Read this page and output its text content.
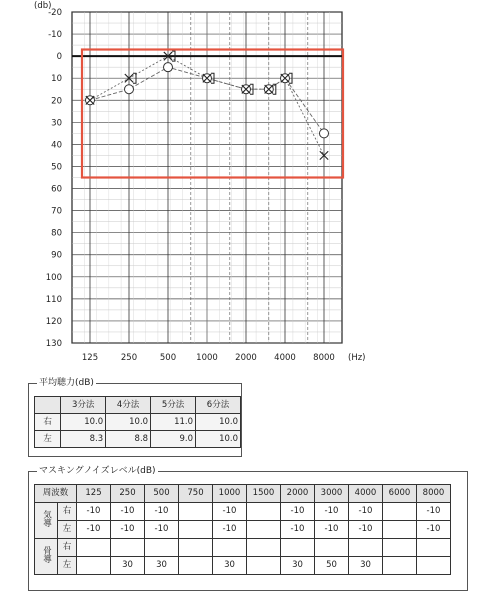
-20
-10
0
10
20
30
40
50
60
70
80
90
100
110
120
130
(db)
125	250	500 1000 2000 4000 8000 (Hz)
平均聴力(dB)
	3分法	4分法	5分法	6分法
右	10.0	10.0	11.0	10.0
左	8.3	8.8	9.0	10.0
マスキングノイズレベル(dB)
周波数		125	250	500	750	1000	1500	2000	3000	4000	6000	8000
気導	右	-10	-10	-10		-10		-10	-10	-10		-10
	左	-10	-10	-10		-10		-10	-10	-10		-10
骨導	右											
	左		30	30		30		30	50	30		
